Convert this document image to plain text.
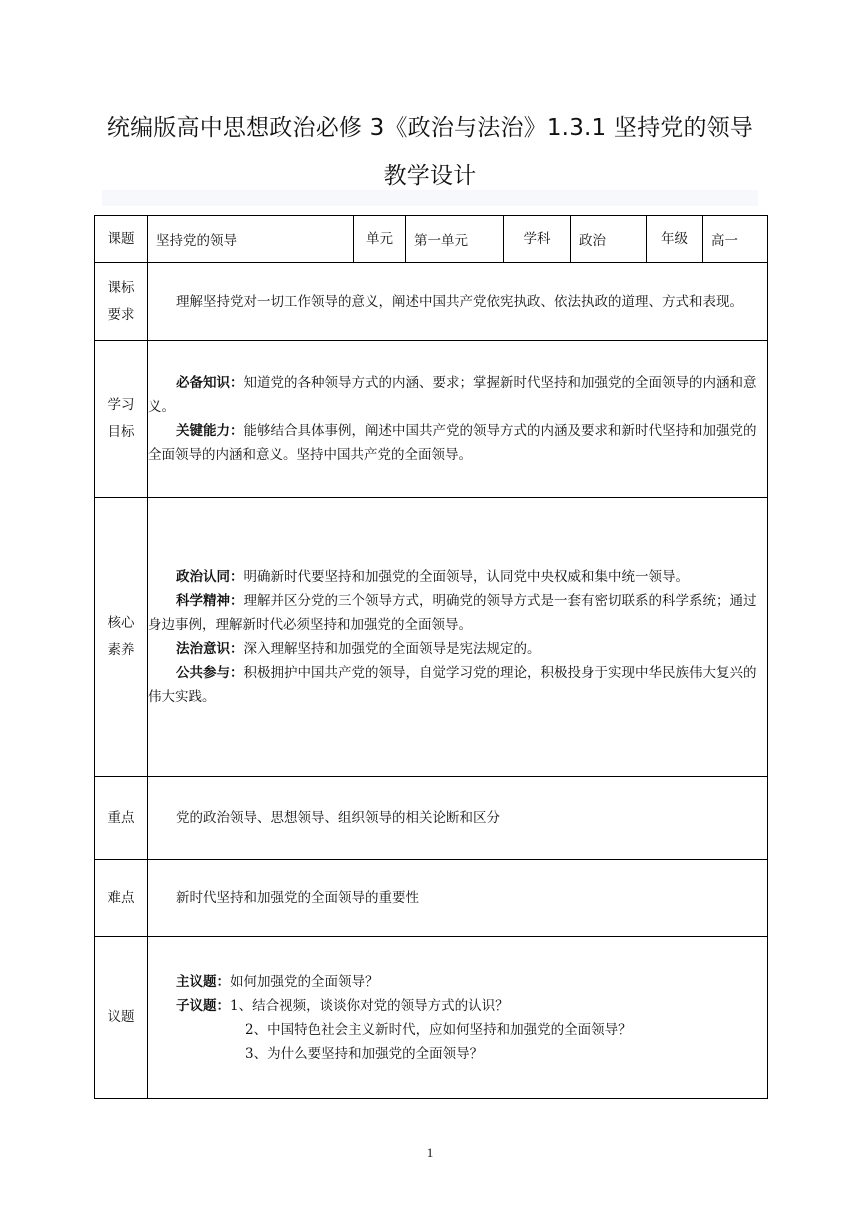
统编版高中思想政治必修 3《政治与法治》1.3.1 坚持党的领导 教学设计
课题	坚持党的领导	单元	第一单元	学科	政治	年级	高一

课标要求	理解坚持党对一切工作领导的意义，阐述中国共产党依宪执政、依法执政的道理、方式和表现。						

学习目标	必备知识：知道党的各种领导方式的内涵、要求；掌握新时代坚持和加强党的全面领导的内涵和意义。
关键能力：能够结合具体事例，阐述中国共产党的领导方式的内涵及要求和新时代坚持和加强党的全面领导的内涵和意义。坚持中国共产党的全面领导。						

核心素养	政治认同：明确新时代要坚持和加强党的全面领导，认同党中央权威和集中统一领导。
科学精神：理解并区分党的三个领导方式，明确党的领导方式是一套有密切联系的科学系统；通过身边事例，理解新时代必须坚持和加强党的全面领导。
法治意识：深入理解坚持和加强党的全面领导是宪法规定的。
公共参与：积极拥护中国共产党的领导，自觉学习党的理论，积极投身于实现中华民族伟大复兴的伟大实践。						

重点	党的政治领导、思想领导、组织领导的相关论断和区分						

难点	新时代坚持和加强党的全面领导的重要性						

议题	主议题：如何加强党的全面领导？
子议题：1、结合视频，谈谈你对党的领导方式的认识？
2、中国特色社会主义新时代，应如何坚持和加强党的全面领导？
3、为什么要坚持和加强党的全面领导？						
1
